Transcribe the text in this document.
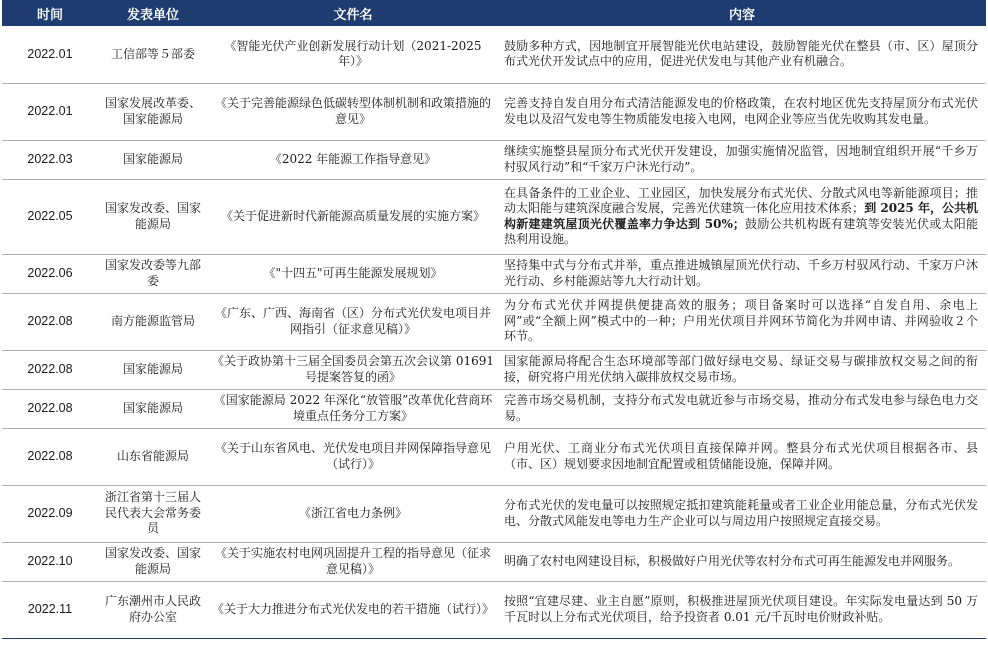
时间	发表单位	文件名	内容
2022.01	工信部等５部委	《智能光伏产业创新发展行动计划（2021-2025 年）》	鼓励多种方式，因地制宜开展智能光伏电站建设，鼓励智能光伏在整县（市、区）屋顶分布式光伏开发试点中的应用，促进光伏发电与其他产业有机融合。
2022.01	国家发展改革委、国家能源局	《关于完善能源绿色低碳转型体制机制和政策措施的意见》	完善支持自发自用分布式清洁能源发电的价格政策，在农村地区优先支持屋顶分布式光伏发电以及沼气发电等生物质能发电接入电网，电网企业等应当优先收购其发电量。
2022.03	国家能源局	《2022 年能源工作指导意见》	继续实施整县屋顶分布式光伏开发建设，加强实施情况监管，因地制宜组织开展“千乡万村驭风行动”和“千家万户沐光行动”。
2022.05	国家发改委、国家能源局	《关于促进新时代新能源高质量发展的实施方案》	在具备条件的工业企业、工业园区，加快发展分布式光伏、分散式风电等新能源项目；推动太阳能与建筑深度融合发展，完善光伏建筑一体化应用技术体系；到 2025 年，公共机构新建建筑屋顶光伏覆盖率力争达到 50%；鼓励公共机构既有建筑等安装光伏或太阳能热利用设施。
2022.06	国家发改委等九部委	《"十四五"可再生能源发展规划》	坚持集中式与分布式并举，重点推进城镇屋顶光伏行动、千乡万村驭风行动、千家万户沐光行动、乡村能源站等九大行动计划。
2022.08	南方能源监管局	《广东、广西、海南省（区）分布式光伏发电项目并网指引（征求意见稿）》	为分布式光伏并网提供便捷高效的服务；项目备案时可以选择“自发自用、余电上网”或“全额上网”模式中的一种；户用光伏项目并网环节简化为并网申请、并网验收２个环节。
2022.08	国家能源局	《关于政协第十三届全国委员会第五次会议第 01691 号提案答复的函》	国家能源局将配合生态环境部等部门做好绿电交易、绿证交易与碳排放权交易之间的衔接，研究将户用光伏纳入碳排放权交易市场。
2022.08	国家能源局	《国家能源局 2022 年深化“放管服”改革优化营商环境重点任务分工方案》	完善市场交易机制，支持分布式发电就近参与市场交易，推动分布式发电参与绿色电力交易。
2022.08	山东省能源局	《关于山东省风电、光伏发电项目并网保障指导意见（试行）》	户用光伏、工商业分布式光伏项目直接保障并网。整县分布式光伏项目根据各市、县（市、区）规划要求因地制宜配置或租赁储能设施，保障并网。
2022.09	浙江省第十三届人民代表大会常务委员	《浙江省电力条例》	分布式光伏的发电量可以按照规定抵扣建筑能耗量或者工业企业用能总量，分布式光伏发电、分散式风能发电等电力生产企业可以与周边用户按照规定直接交易。
2022.10	国家发改委、国家能源局	《关于实施农村电网巩固提升工程的指导意见（征求意见稿）》	明确了农村电网建设目标，积极做好户用光伏等农村分布式可再生能源发电并网服务。
2022.11	广东潮州市人民政府办公室	《关于大力推进分布式光伏发电的若干措施（试行）》	按照“宜建尽建、业主自愿”原则，积极推进屋顶光伏项目建设。年实际发电量达到 50 万千瓦时以上分布式光伏项目，给予投资者 0.01 元/千瓦时电价财政补贴。
